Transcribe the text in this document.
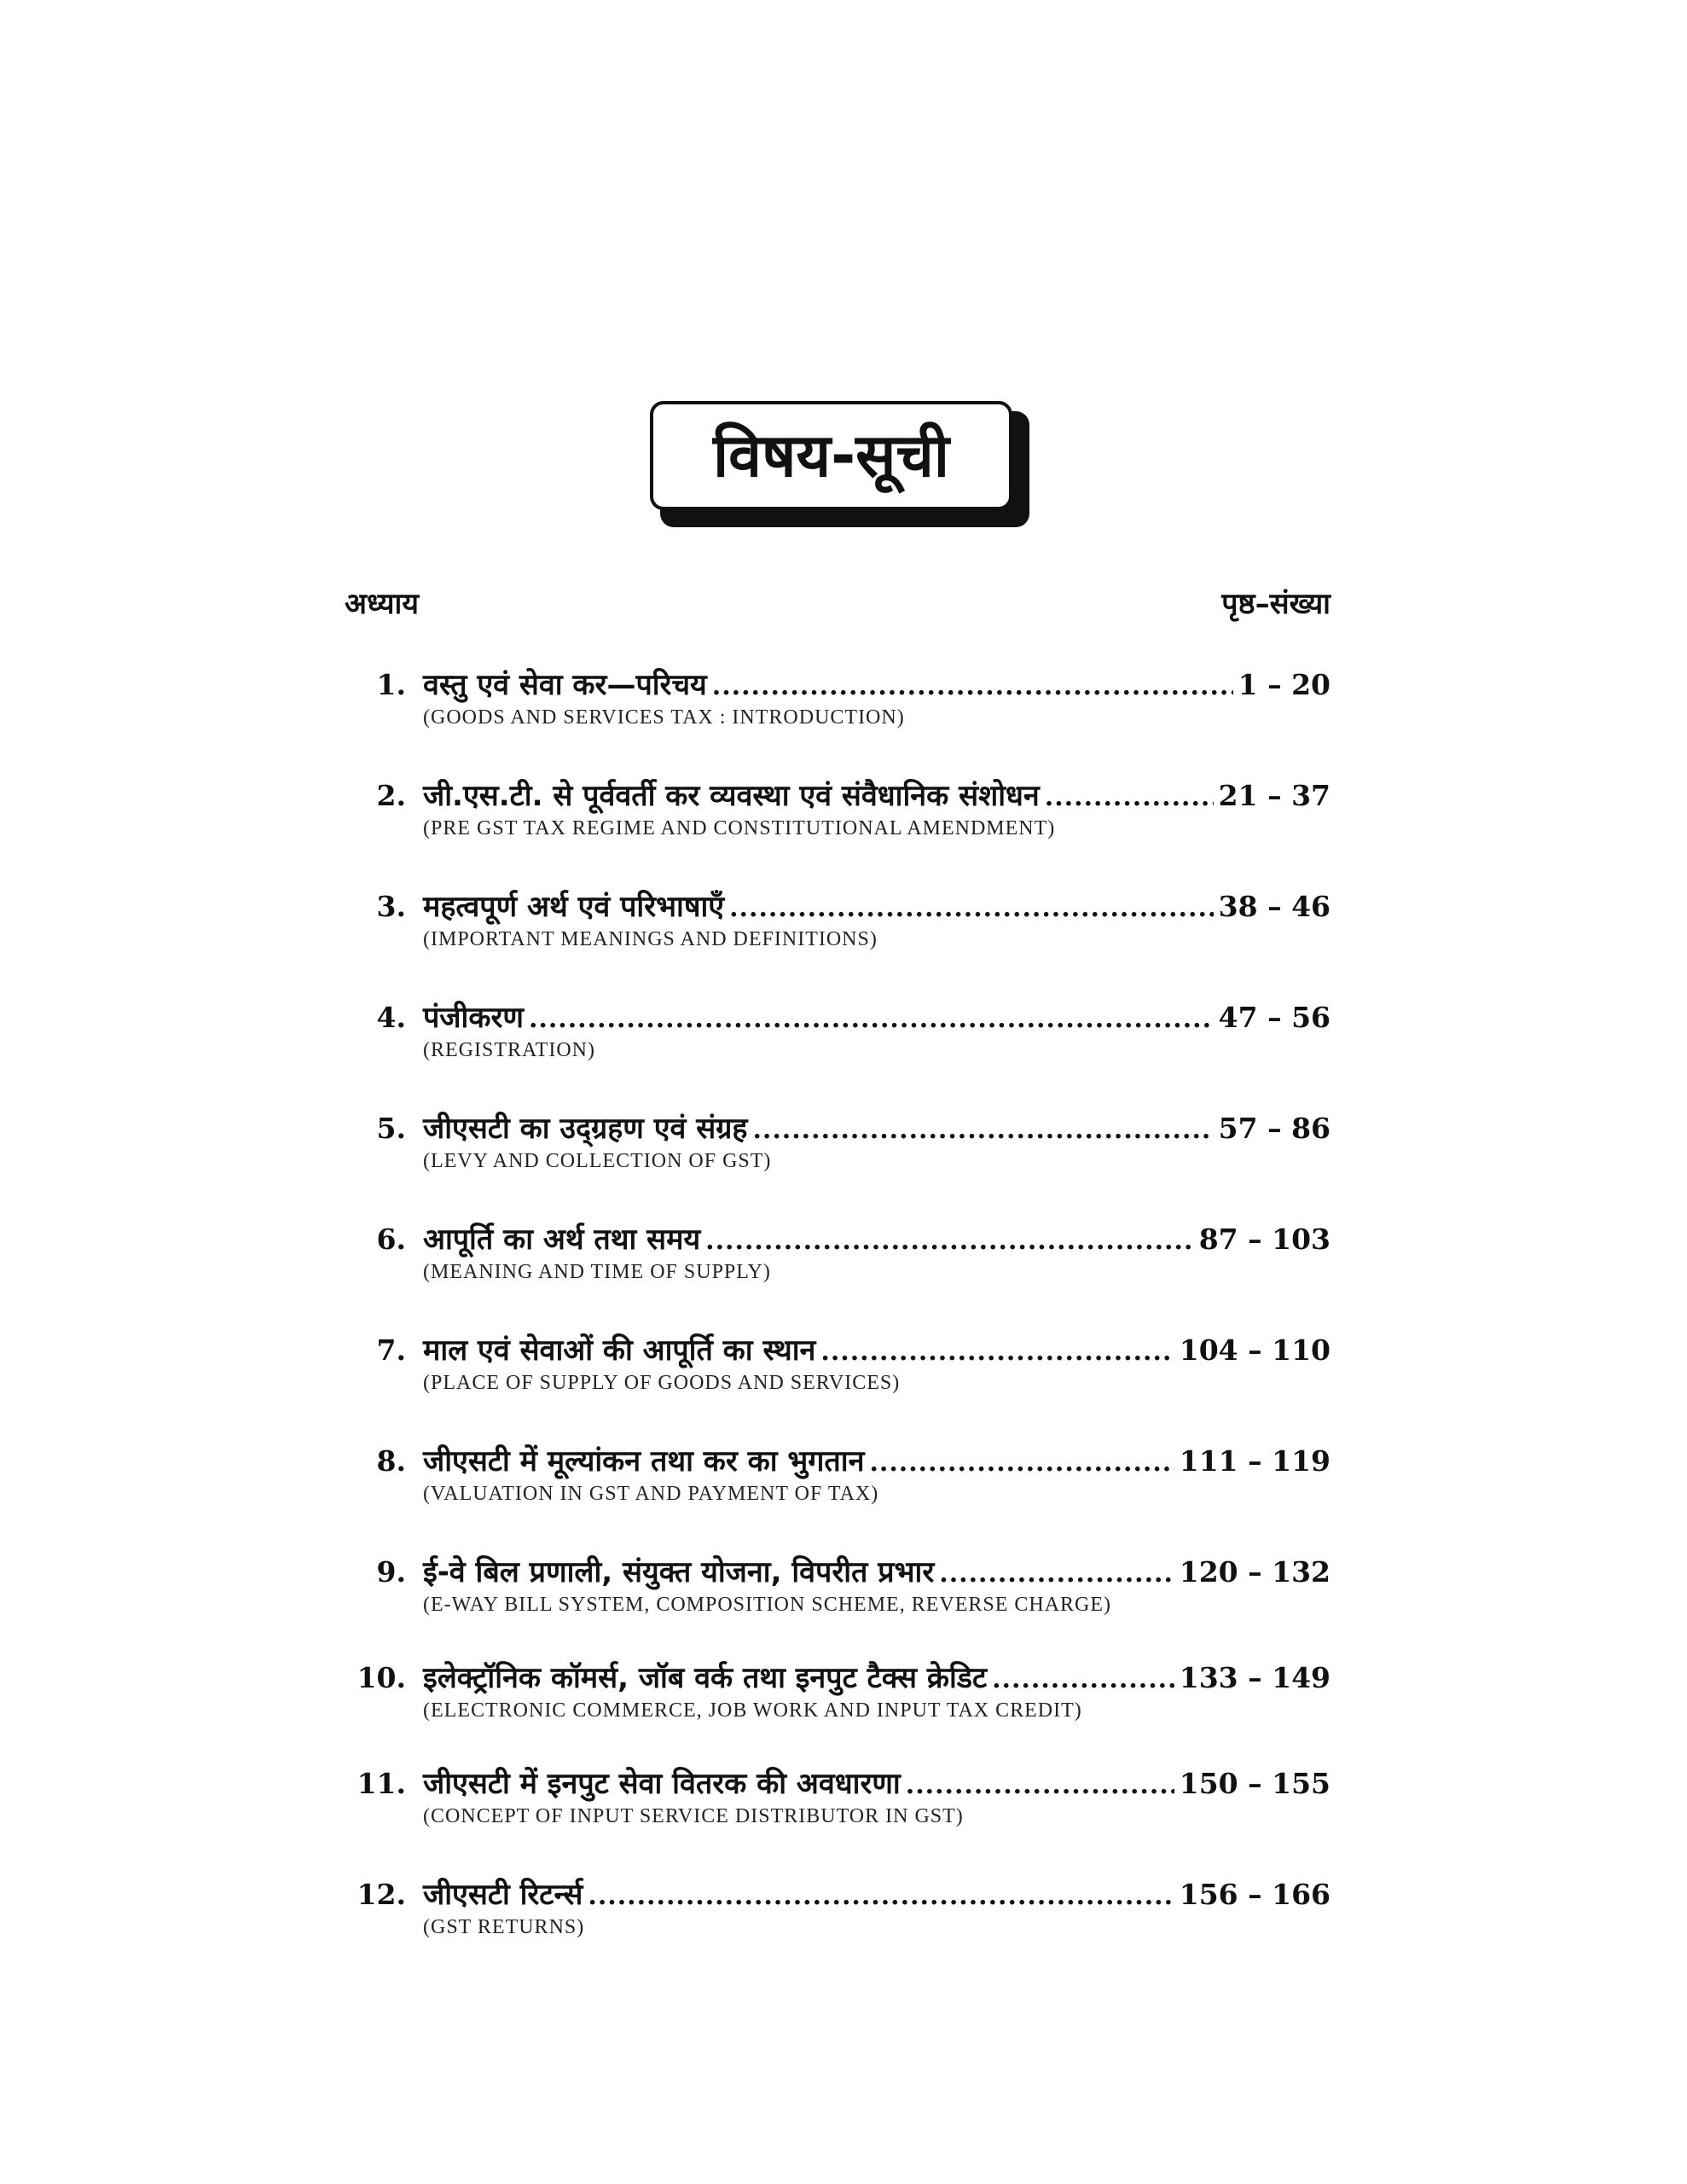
विषय-सूची
अध्याय	पृष्ठ–संख्या
1. वस्तु एवं सेवा कर—परिचय .....	1 – 20
(GOODS AND SERVICES TAX : INTRODUCTION)
2. जी.एस.टी. से पूर्ववर्ती कर व्यवस्था एवं संवैधानिक संशोधन .....	21 – 37
(PRE GST TAX REGIME AND CONSTITUTIONAL AMENDMENT)
3. महत्वपूर्ण अर्थ एवं परिभाषाएँ .....	38 – 46
(IMPORTANT MEANINGS AND DEFINITIONS)
4. पंजीकरण .....	47 – 56
(REGISTRATION)
5. जीएसटी का उद्ग्रहण एवं संग्रह .....	57 – 86
(LEVY AND COLLECTION OF GST)
6. आपूर्ति का अर्थ तथा समय .....	87 – 103
(MEANING AND TIME OF SUPPLY)
7. माल एवं सेवाओं की आपूर्ति का स्थान .....	104 – 110
(PLACE OF SUPPLY OF GOODS AND SERVICES)
8. जीएसटी में मूल्यांकन तथा कर का भुगतान .....	111 – 119
(VALUATION IN GST AND PAYMENT OF TAX)
9. ई-वे बिल प्रणाली, संयुक्त योजना, विपरीत प्रभार .....	120 – 132
(E-WAY BILL SYSTEM, COMPOSITION SCHEME, REVERSE CHARGE)
10. इलेक्ट्रॉनिक कॉमर्स, जॉब वर्क तथा इनपुट टैक्स क्रेडिट .....	133 – 149
(ELECTRONIC COMMERCE, JOB WORK AND INPUT TAX CREDIT)
11. जीएसटी में इनपुट सेवा वितरक की अवधारणा .....	150 – 155
(CONCEPT OF INPUT SERVICE DISTRIBUTOR IN GST)
12. जीएसटी रिटर्न्स .....	156 – 166
(GST RETURNS)
